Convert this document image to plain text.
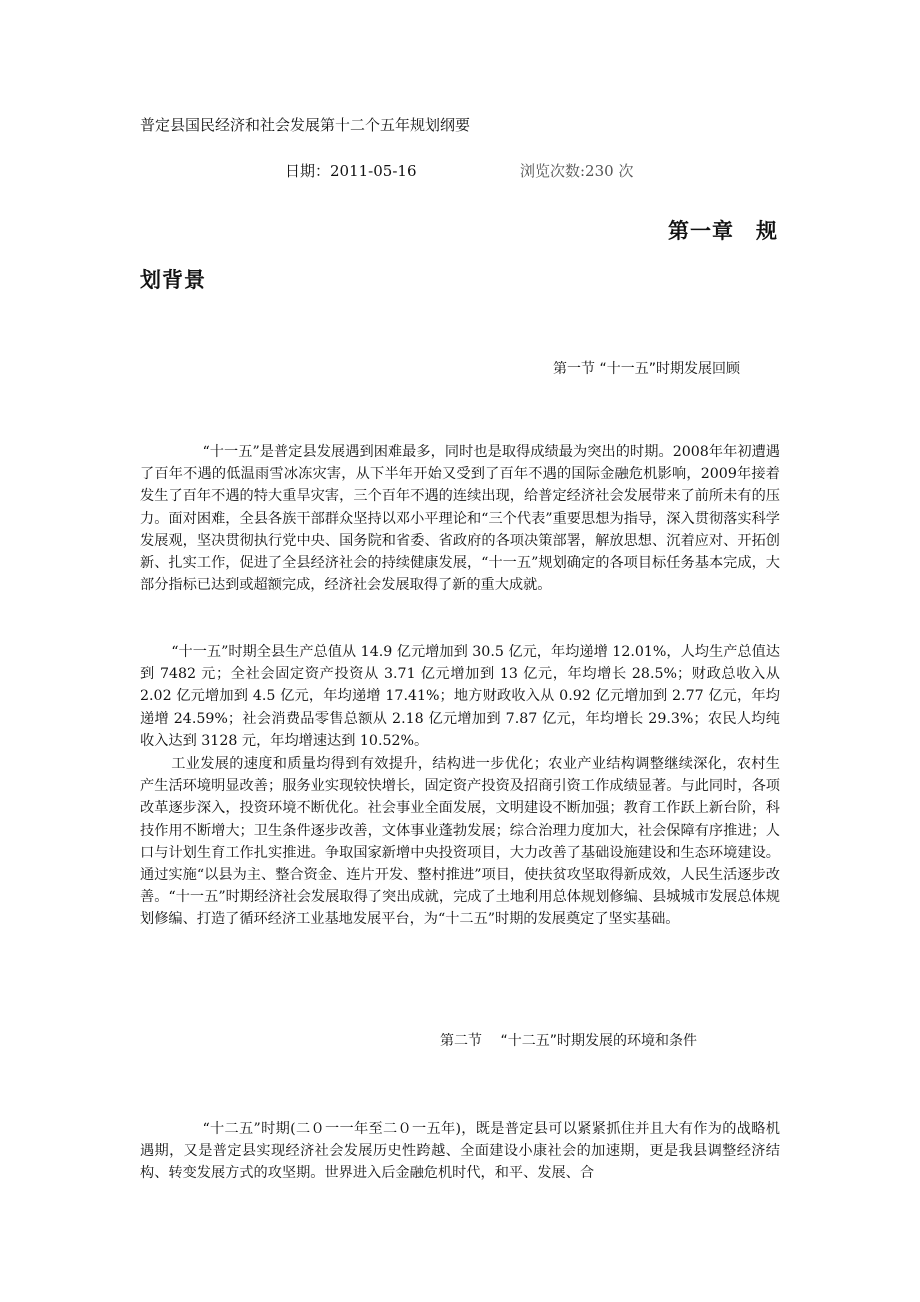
普定县国民经济和社会发展第十二个五年规划纲要
日期：2011-05-16	浏览次数:230 次
第一章　规
划背景
第一节 “十一五”时期发展回顾

“十一五”是普定县发展遇到困难最多，同时也是取得成绩最为突出的时期。2008年年初遭遇了百年不遇的低温雨雪冰冻灾害，从下半年开始又受到了百年不遇的国际金融危机影响，2009年接着发生了百年不遇的特大重旱灾害，三个百年不遇的连续出现，给普定经济社会发展带来了前所未有的压力。面对困难，全县各族干部群众坚持以邓小平理论和“三个代表”重要思想为指导，深入贯彻落实科学发展观，坚决贯彻执行党中央、国务院和省委、省政府的各项决策部署，解放思想、沉着应对、开拓创新、扎实工作，促进了全县经济社会的持续健康发展，“十一五”规划确定的各项目标任务基本完成，大部分指标已达到或超额完成，经济社会发展取得了新的重大成就。

“十一五”时期全县生产总值从 14.9 亿元增加到 30.5 亿元，年均递增 12.01%，人均生产总值达到 7482 元；全社会固定资产投资从 3.71 亿元增加到 13 亿元，年均增长 28.5%；财政总收入从 2.02 亿元增加到 4.5 亿元，年均递增 17.41%；地方财政收入从 0.92 亿元增加到 2.77 亿元，年均递增 24.59%；社会消费品零售总额从 2.18 亿元增加到 7.87 亿元，年均增长 29.3%；农民人均纯收入达到 3128 元，年均增速达到 10.52%。

工业发展的速度和质量均得到有效提升，结构进一步优化；农业产业结构调整继续深化，农村生产生活环境明显改善；服务业实现较快增长，固定资产投资及招商引资工作成绩显著。与此同时，各项改革逐步深入，投资环境不断优化。社会事业全面发展，文明建设不断加强；教育工作跃上新台阶，科技作用不断增大；卫生条件逐步改善，文体事业蓬勃发展；综合治理力度加大，社会保障有序推进；人口与计划生育工作扎实推进。争取国家新增中央投资项目，大力改善了基础设施建设和生态环境建设。通过实施“以县为主、整合资金、连片开发、整村推进”项目，使扶贫攻坚取得新成效，人民生活逐步改善。“十一五”时期经济社会发展取得了突出成就，完成了土地利用总体规划修编、县城城市发展总体规划修编、打造了循环经济工业基地发展平台，为“十二五”时期的发展奠定了坚实基础。

第二节　 “十二五”时期发展的环境和条件

“十二五”时期(二０一一年至二０一五年)，既是普定县可以紧紧抓住并且大有作为的战略机遇期，又是普定县实现经济社会发展历史性跨越、全面建设小康社会的加速期，更是我县调整经济结构、转变发展方式的攻坚期。世界进入后金融危机时代，和平、发展、合
